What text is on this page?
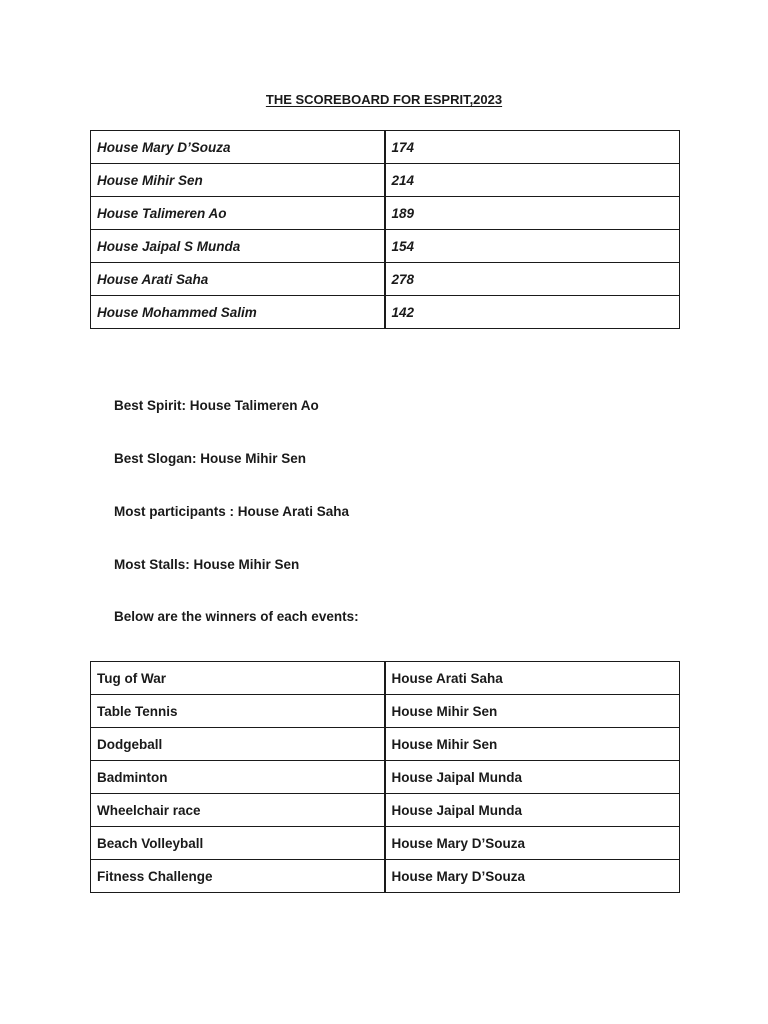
THE SCOREBOARD FOR ESPRIT,2023
House Mary D’Souza	174
House Mihir Sen	214
House Talimeren Ao	189
House Jaipal S Munda	154
House Arati Saha	278
House Mohammed Salim	142

Best Spirit: House Talimeren Ao

Best Slogan: House Mihir Sen

Most participants : House Arati Saha

Most Stalls: House Mihir Sen

Below are the winners of each events:

Tug of War	House Arati Saha
Table Tennis	House Mihir Sen
Dodgeball	House Mihir Sen
Badminton	House Jaipal Munda
Wheelchair race	House Jaipal Munda
Beach Volleyball	House Mary D’Souza
Fitness Challenge	House Mary D’Souza
